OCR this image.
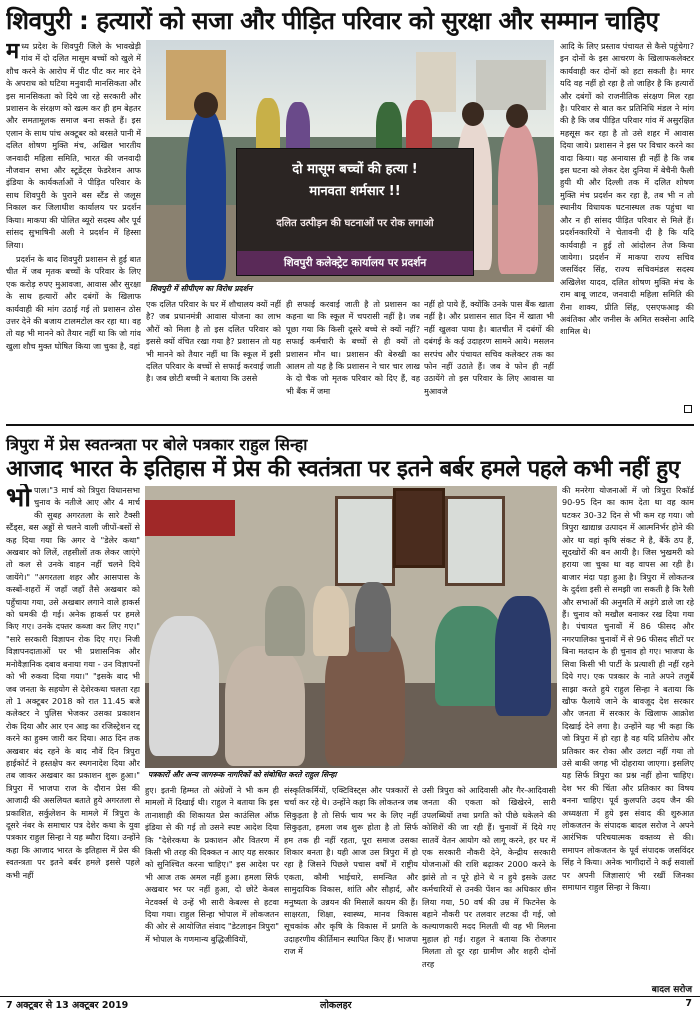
शिवपुरी : हत्यारों को सजा और पीड़ित परिवार को सुरक्षा और सम्मान चाहिए
म ध्य प्रदेश के शिवपुरी जिले के भावखेड़ी गांव में दो दलित मासूम बच्चों को खुले में शौच करने के आरोप में पीट पीट कर मार देने के अपराध को घटिया मनुवादी मानसिकता और इस मानसिकता को दिये जा रहे सरकारी और प्रशासन के संरक्षण को खत्म कर ही हम बेहतर और समतामूलक समाज बना सकते हैं। इस एलान के साथ पांच अक्टूबर को बरसते पानी में दलित शोषण मुक्ति मंच, अखिल भारतीय जनवादी महिला समिति, भारत की जनवादी नौजवान सभा और स्टूडेंट्स फेडरेशन आफ इंडिया के कार्यकर्ताओं ने पीड़ित परिवार के साथ शिवपुरी के पुराने बस स्टैंड से जलूस निकाल कर जिलाधीश कार्यालय पर प्रदर्शन किया। माकपा की पोलित ब्यूरो सदस्य और पूर्व सांसद सुभाषिनी अली ने प्रदर्शन में हिस्सा लिया।

प्रदर्शन के बाद शिवपुरी प्रशासन से हुई बात चीत में जब मृतक बच्चों के परिवार के लिए एक करोड़ रुपए मुआवजा, आवास और सुरक्षा के साथ हत्यारों और दबंगों के खिलाफ कार्यवाही की मांग उठाई गई तो प्रशासन ठोस उत्तर देने की बजाय टालमटोल कर रहा था। वह तो यह भी मानने को तैयार नहीं था कि जो गांव खुला शौच मुक्त घोषित किया जा चुका है, वहां

दो मासूम बच्चों की हत्या !
मानवता शर्मसार !!
दलित उत्पीड़न की घटनाओं पर रोक लगाओ
शिवपुरी कलेक्ट्रेट कार्यालय पर प्रदर्शन
शिवपुरी में सीपीएम का विरोध प्रदर्शन

एक दलित परिवार के घर में शौचालय क्यों नहीं है? जब प्रधानमंत्री आवास योजना का लाभ औरों को मिला है तो इस दलित परिवार को इससे क्यों वंचित रखा गया है? प्रशासन तो यह भी मानने को तैयार नहीं था कि स्कूल में इसी दलित परिवार के बच्चों से सफाई करवाई जाती है। जब छोटी बच्ची ने बताया कि उससे

ही सफाई करवाई जाती है तो प्रशासन का कहना था कि स्कूल में चपरासी नहीं है। जब पूछा गया कि किसी दूसरे बच्चे से क्यों नहीं? सफाई कर्मचारी के बच्चों से ही क्यों तो प्रशासन मौन था। प्रशासन की बेरुखी का आलम तो यह है कि प्रशासन ने चार चार लाख के दो चैक जो मृतक परिवार को दिए हैं, वह भी बैंक में जमा

नहीं हो पाये हैं, क्योंकि उनके पास बैंक खाता नहीं है। और प्रशासन सात दिन में खाता भी नहीं खुलवा पाया है। बातचीत में दबंगों की दबंगई के कई उदाहरण सामने आये। मसलन सरपंच और पंचायत सचिव कलेक्टर तक का फोन नहीं उठाते हैं। जब वे फोन ही नहीं उठायेंगे तो इस परिवार के लिए आवास या मुआवजे

आदि के लिए प्रस्ताव पंचायत से कैसे पहुंचेगा? इन दोनों के इस आचरण के खिलाफकलेक्टर कार्यवाही कर दोनों को हटा सकती है। मगर यदि वह नहीं हो रहा है तो जाहिर है कि हत्यारों और दबंगों को राजनीतिक संरक्षण मिल रहा है। परिवार से बात कर प्रतिनिधि मंडल ने मांग की है कि जब पीड़ित परिवार गांव में असुरक्षित महसूस कर रहा है तो उसे शहर में आवास दिया जाये। प्रशासन ने इस पर विचार करने का वादा किया। यह अनायास ही नहीं है कि जब इस घटना को लेकर देश दुनिया में बेचैनी फैली हुयी थी और दिल्ली तक में दलित शोषण मुक्ति मंच प्रदर्शन कर रहा है, तब भी न तो स्थानीय विधायक घटनास्थल तक पहुंचा था और न ही सांसद पीड़ित परिवार से मिले हैं। प्रदर्शनकारियों ने चेतावनी दी है कि यदि कार्यवाही न हुई तो आंदोलन तेज किया जायेगा। प्रदर्शन में माकपा राज्य सचिव जसविंदर सिंह, राज्य सचिवमंडल सदस्य अखिलेश यादव, दलित शोषण मुक्ति मंच के राम बाबू जाटव, जनवादी महिला समिति की रीना शाक्य, प्रीति सिंह, एसएफआइ की अवंतिका और जनीस के अमित सक्सेना आदि शामिल थे।

त्रिपुरा में प्रेस स्वतन्त्रता पर बोले पत्रकार राहुल सिन्हा
आजाद भारत के इतिहास में प्रेस की स्वतंत्रता पर इतने बर्बर हमले पहले कभी नहीं हुए
भो पाल।"3 मार्च को त्रिपुरा विधानसभा चुनाव के नतीजे आए और 4 मार्च की सुबह अगरतला के सारे टैक्सी स्टैंड्स, बस अड्डों से चलने वाली जीपों-बसों से कह दिया गया कि अगर वे "डेलेर कथा" अखबार को लिलें, तहसीलों तक लेकर जाएंगे तो कल से उनके वाहन नहीं चलने दिये जायेंगे।" "अगरतला शहर और आसपास के कस्बों-शहरों में जहाँ जहाँ तैसे अखबार को पहुँचाया गया, उसे अखबार लगाने वाले हाकर्स को धमकी दी गई। अनेक हाकर्स पर हमले किए गए। उनके दफ्तर कब्जा कर लिए गए।" "सारे सरकारी विज्ञापन रोक दिए गए। निजी विज्ञापनदाताओं पर भी प्रशासनिक और मनोवैज्ञानिक दबाव बनाया गया - उन विज्ञापनों को भी रुकवा दिया गया।" "इसके बाद भी जब जनता के सहयोग से देशेरकथा चलता रहा तो 1 अक्टूबर 2018 को रात 11.45 बजे कलेक्टर ने पुलिस भेजकर उसका प्रकाशन रोक दिया और आर एन आइ का रजिस्ट्रेशन रद्द करने का हुक्म जारी कर दिया। आठ दिन तक अखबार बंद रहने के बाद नौवें दिन त्रिपुरा हाईकोर्ट ने हस्तक्षेप कर स्थगनादेश दिया और तब जाकर अखबार का प्रकाशन शुरू हुआ।" त्रिपुरा में भाजपा राज के दौरान प्रेस की आजादी की असलियत बताते हुये अगरतला से प्रकाशित, सर्कुलेशन के मामले में त्रिपुरा के दूसरे नंबर के समाचार पत्र देशेर कथा के युवा पत्रकार राहुल सिन्हा ने यह ब्यौरा दिया। उन्होंने कहा कि आजाद भारत के इतिहास में प्रेस की स्वतन्त्रता पर इतने बर्बर हमले इससे पहले कभी नहीं

पत्रकारों और अन्य जागरूक नागरिकों को संबोधित करते राहुल सिन्हा

हुए। इतनी हिम्मत तो अंग्रेजों ने भी कम ही मामलों में दिखाई थी। राहुल ने बताया कि इस तानाशाही की शिकायत प्रेस काउंसिल ऑफ़ इंडिया से की गई तो उसने स्पष्ट आदेश दिया कि "देशेरकथा के प्रकाशन और वितरण में किसी भी तरह की दिक्कत न आए यह सरकार को सुनिश्चित करना चाहिए।" इस आदेश पर भी आज तक अमल नहीं हुआ। हमला सिर्फ अखबार भर पर नहीं हुआ, दो छोटे केबल नेटवर्क्स थे उन्हें भी सारी केबल्स से हटवा दिया गया। राहुल सिन्हा भोपाल में लोकजतन की ओर से आयोजित संवाद "डेटलाइन त्रिपुरा" में भोपाल के गणमान्य बुद्धिजीवियों,

संस्कृतिकर्मियों, एक्टिविस्ट्स और पत्रकारों से चर्चा कर रहे थे। उन्होंने कहा कि लोकतन्त्र जब सिकुड़ता है तो सिर्फ चाय भर के लिए नहीं सिकुड़ता, हमला जब शुरू होता है तो सिर्फ हम तक ही नहीं रहता, पूरा समाज उसका शिकार बनता है। यही आज उस त्रिपुरा में हो रहा है जिसने पिछले पचास वर्षों में राष्ट्रीय एकता, कौमी भाईचारे, समन्वित और सामुदायिक विकास, शांति और सौहार्द, और मनुष्यता के उन्नयन की मिसालें कायम की हैं। साक्षरता, शिक्षा, स्वास्थ्य, मानव विकास सूचकांक और कृषि के विकास में प्रगति के उदाहरणीय कीर्तिमान स्थापित किए हैं। भाजपा राज में

उसी त्रिपुरा को आदिवासी और गैर-आदिवासी जनता की एकता को खिखेरने, सारी उपलब्धियों तथा प्रगति को पीछे धकेलने की कोशिशें की जा रही हैं। चुनावों में दिये गए सातवें वेतन आयोग को लागू करने, हर घर में एक सरकारी नौकरी देने, केन्द्रीय सरकारी योजनाओं की राशि बढ़ाकर 2000 करने के झांसे तो न पूरे होने थे न हुये इसके उलट कर्मचारियों से उनकी पेंशन का अधिकार छीन लिया गया, 50 वर्ष की उम्र में फिटनेस के बहाने नौकरी पर तलवार लटका दी गई, जो कल्याणकारी मदद मिलती थी वह भी मिलना मुहाल हो गई। राहुल ने बताया कि रोजगार मिलता तो दूर रहा ग्रामीण और शहरी दोनों तरह

की मनरेगा योजनाओं में जो त्रिपुरा रिकॉर्ड 90-95 दिन का काम देता था वह काम घटकर 30-32 दिन से भी कम रह गया। जो त्रिपुरा खाद्यान्न उत्पादन में आत्मनिर्भर होने की ओर था वहां कृषि संकट मे है, बैंकें ठप हैं, सूदखोरों की बन आयी है। जिस भुखमरी को हराया जा चुका था वह वापस आ रही है। बाजार मंदा पड़ा हुआ है। त्रिपुरा में लोकतन्त्र के दुर्दशा इसी से समझी जा सकती है कि रैली और सभाओं की अनुमति में अड़ंगे डाले जा रहे हैं। चुनाव को मखौल बनाकर रख दिया गया है। पंचायत चुनावों में 86 फीसद और नगरपालिका चुनावों में से 96 फीसद सीटों पर बिना मतदान के ही चुनाव हो गए। भाजपा के सिवा किसी भी पार्टी के प्रत्याशी ही नहीं रहने दिये गए। एक पत्रकार के नाते अपने तजुर्बे साझा करते हुये राहुल सिन्हा ने बताया कि खौफ फैलाये जाने के बावजूद देश सरकार और जनता में सरकार के खिलाफ आक्रोश दिखाई देने लगा है। उन्होंने यह भी कहा कि जो त्रिपुरा में हो रहा है वह यदि प्रतिरोध और प्रतिकार कर रोका और उलटा नहीं गया तो उसे बाकी जगह भी दोहराया जाएगा। इसलिए यह सिर्फ त्रिपुरा का प्रश्न नहीं होना चाहिए। देश भर की चिंता और प्रतिकार का विषय बनना चाहिए। पूर्व कुलपति उदय जैन की अध्यक्षता में हुये इस संवाद की शुरुआत लोकजतन के संपादक बादल सरोज ने अपने आरंभिक परिचयात्मक वक्तव्य से की। समापन लोकजतन के पूर्व संपादक जसविंदर सिंह ने किया। अनेक भागीदारों ने कई सवालों पर अपनी जिज्ञासाएं भी रखीं जिनका समाधान राहुल सिन्हा ने किया।

बादल सरोज
7 अक्टूबर से 13 अक्टूबर 2019	लोकलहर	7
